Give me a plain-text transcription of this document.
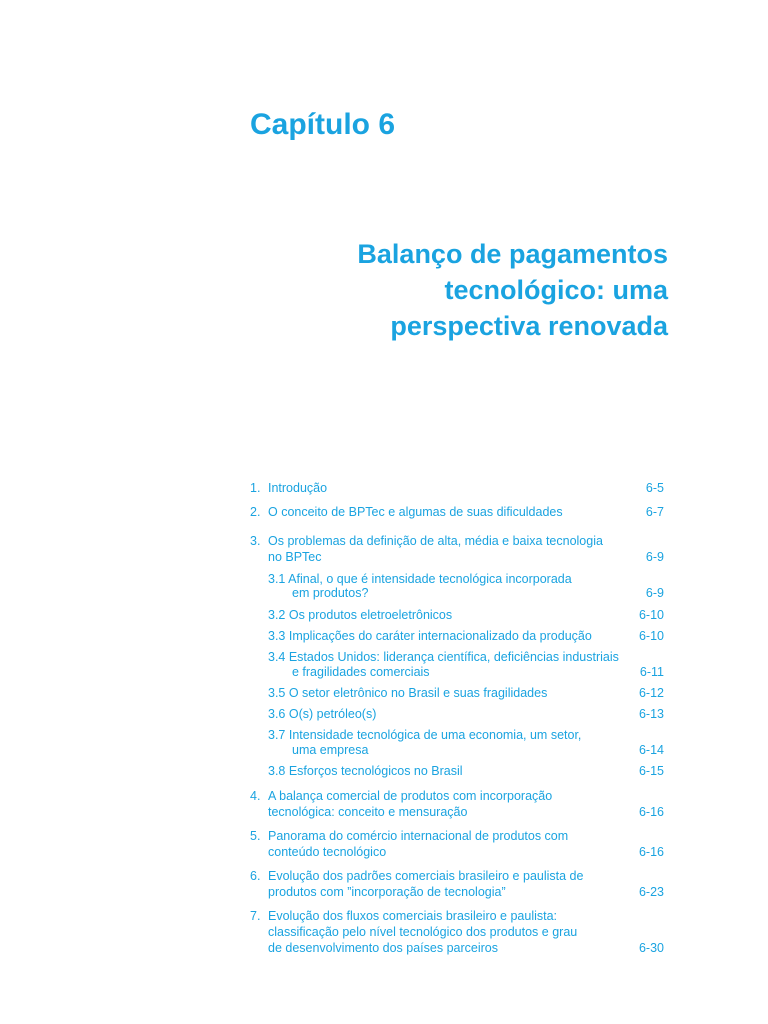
Capítulo 6
Balanço de pagamentos
tecnológico: uma
perspectiva renovada
1. Introdução	6-5
2. O conceito de BPTec e algumas de suas dificuldades	6-7
3. Os problemas da definição de alta, média e baixa tecnologia
no BPTec	6-9
3.1 Afinal, o que é intensidade tecnológica incorporada
em produtos?	6-9
3.2 Os produtos eletroeletrônicos	6-10
3.3 Implicações do caráter internacionalizado da produção	6-10
3.4 Estados Unidos: liderança científica, deficiências industriais
e fragilidades comerciais	6-11
3.5 O setor eletrônico no Brasil e suas fragilidades	6-12
3.6 O(s) petróleo(s)	6-13
3.7 Intensidade tecnológica de uma economia, um setor,
uma empresa	6-14
3.8 Esforços tecnológicos no Brasil	6-15
4. A balança comercial de produtos com incorporação
tecnológica: conceito e mensuração	6-16
5. Panorama do comércio internacional de produtos com
conteúdo tecnológico	6-16
6. Evolução dos padrões comerciais brasileiro e paulista de
produtos com ”incorporação de tecnologia”	6-23
7. Evolução dos fluxos comerciais brasileiro e paulista:
classificação pelo nível tecnológico dos produtos e grau
de desenvolvimento dos países parceiros	6-30
